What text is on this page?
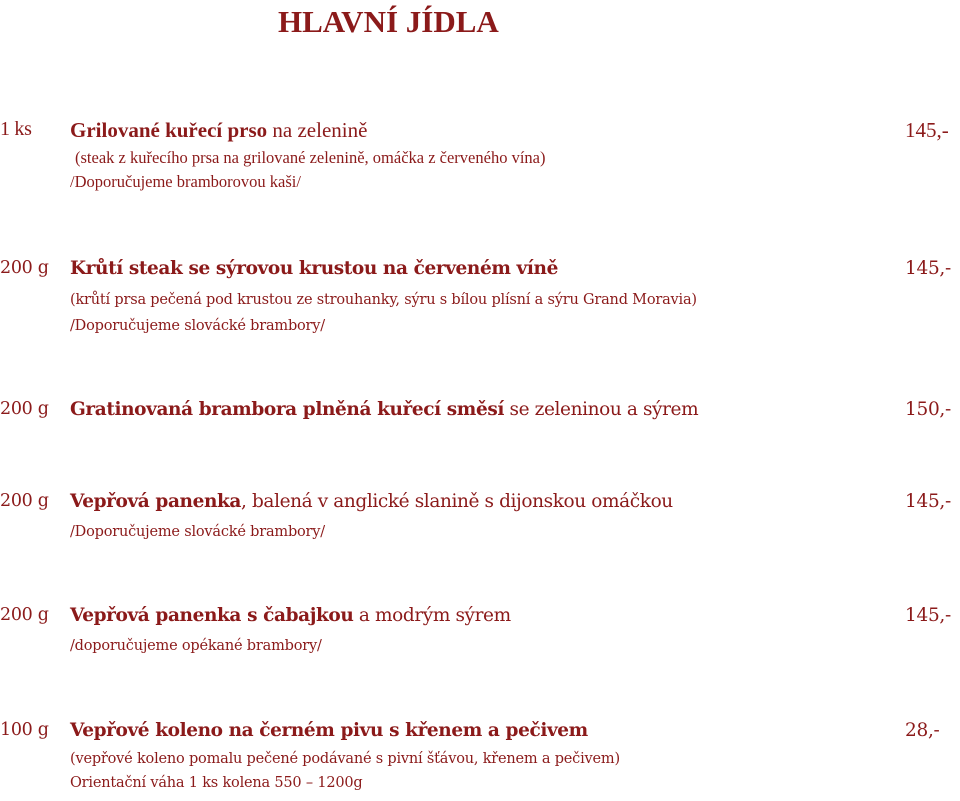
HLAVNÍ JÍDLA
1 ks Grilované kuřecí prso na zelenině	145,-
(steak z kuřecího prsa na grilované zelenině, omáčka z červeného vína)
/Doporučujeme bramborovou kaši/
200 g Krůtí steak se sýrovou krustou na červeném víně	145,-
(krůtí prsa pečená pod krustou ze strouhanky, sýru s bílou plísní a sýru Grand Moravia)
/Doporučujeme slovácké brambory/
200 g Gratinovaná brambora plněná kuřecí směsí se zeleninou a sýrem	150,-
200 g Vepřová panenka, balená v anglické slanině s dijonskou omáčkou	145,-
/Doporučujeme slovácké brambory/
200 g Vepřová panenka s čabajkou a modrým sýrem	145,-
/doporučujeme opékané brambory/
100 g Vepřové koleno na černém pivu s křenem a pečivem	28,-
(vepřové koleno pomalu pečené podávané s pivní šťávou, křenem a pečivem)
Orientační váha 1 ks kolena 550 – 1200g
